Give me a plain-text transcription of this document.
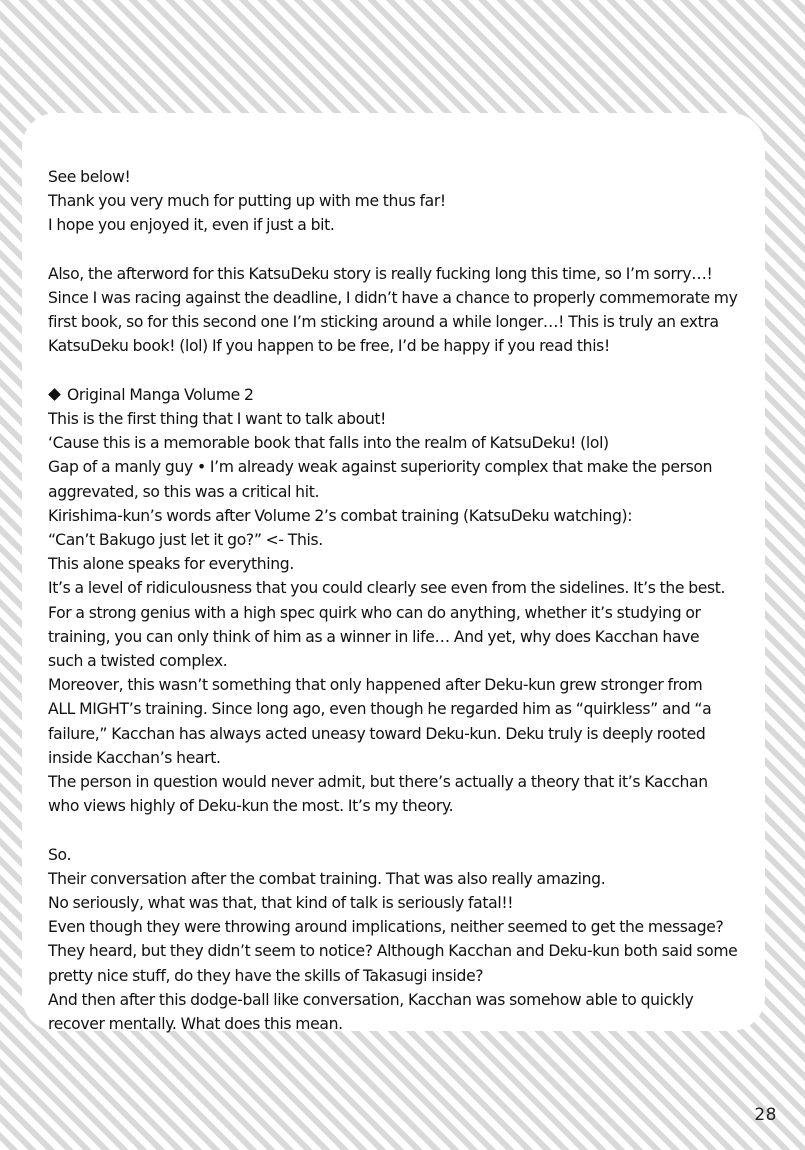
See below!
Thank you very much for putting up with me thus far!
I hope you enjoyed it, even if just a bit.

Also, the afterword for this KatsuDeku story is really fucking long this time, so I’m sorry…!
Since I was racing against the deadline, I didn’t have a chance to properly commemorate my
first book, so for this second one I’m sticking around a while longer…! This is truly an extra
KatsuDeku book! (lol) If you happen to be free, I’d be happy if you read this!

Original Manga Volume 2
This is the first thing that I want to talk about!
‘Cause this is a memorable book that falls into the realm of KatsuDeku! (lol)
Gap of a manly guy • I’m already weak against superiority complex that make the person
aggrevated, so this was a critical hit.
Kirishima-kun’s words after Volume 2’s combat training (KatsuDeku watching):
“Can’t Bakugo just let it go?” <- This.
This alone speaks for everything.
It’s a level of ridiculousness that you could clearly see even from the sidelines. It’s the best.
For a strong genius with a high spec quirk who can do anything, whether it’s studying or
training, you can only think of him as a winner in life… And yet, why does Kacchan have
such a twisted complex.
Moreover, this wasn’t something that only happened after Deku-kun grew stronger from
ALL MIGHT’s training. Since long ago, even though he regarded him as “quirkless” and “a
failure,” Kacchan has always acted uneasy toward Deku-kun. Deku truly is deeply rooted
inside Kacchan’s heart.
The person in question would never admit, but there’s actually a theory that it’s Kacchan
who views highly of Deku-kun the most. It’s my theory.

So.
Their conversation after the combat training. That was also really amazing.
No seriously, what was that, that kind of talk is seriously fatal!!
Even though they were throwing around implications, neither seemed to get the message?
They heard, but they didn’t seem to notice? Although Kacchan and Deku-kun both said some
pretty nice stuff, do they have the skills of Takasugi inside?
And then after this dodge-ball like conversation, Kacchan was somehow able to quickly
recover mentally. What does this mean.

28
